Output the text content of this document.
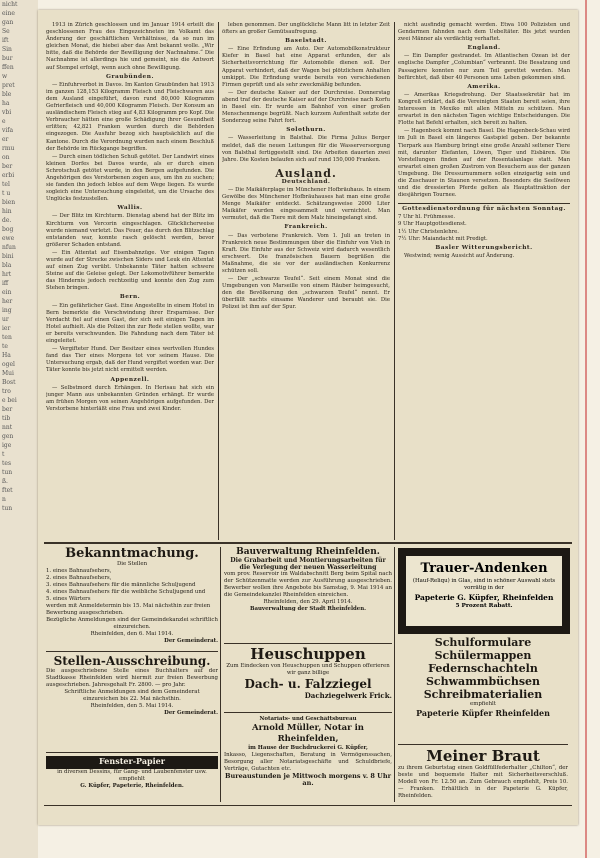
nicht
eine
gan
Se
ift
Sin
bur
ffen
w
pret
ble
ha
vbi
e
vifa
er
rmu
on
ber
erbi
tel
t u
bien
hin
de.
bog
ewe
nfun
bini
bla
hrt
iff
ein
her
ing
ur
ier
ten
te
Ha
ogel
Mui
Bost
tro
e bei
ber
tib
nnt
gen
ige
t
tes
tun
ß.
ftet
n
tun

1913 in Zürich geschlossen und im Januar 1914 erteilt die geschlossenen Frau des Eingezeichneten im Volkamt das Änderung der geschäftlichen Verhältnisse, da so nun im gleichen Monat, die hiebei aber das Amt bekannt wolle. „Wir bitte, daß die Behörde der Bewilligung der Nachnahme.“ Die Nachnahme ist allerdings hie und gemeint, nie die Antwort auf Stempel erfolgt, wenn auch ohne Bewilligung.

Graubünden.

— Einfuhrverbot in Davos. Im Kanton Graubünden hat 1913 im ganzen 128,153 Kilogramm Fleisch und Fleischwaren aus dem Ausland eingeführt, davon rund 80,000 Kilogramm Gefrierfleisch und 40,000 Kilogramm Fleisch. Der Konsum an ausländischem Fleisch stieg auf 4,83 Kilogramm pro Kopf. Die Verbraucher hätten eine große Schädigung ihrer Gesundheit erlitten; 42,821 Franken wurden durch die Behörden eingezogen. Die Ausfuhr bezog sich hauptsächlich auf die Kantone. Durch die Verordnung wurden nach einem Beschluß der Behörde im Rückgange begriffen.

— Durch einen tödlichen Schuß getötet. Der Landwirt eines kleinen Dorfes bei Davos wurde, als er durch einen Schrotschuß getötet wurde, in den Bergen aufgefunden. Die Angehörigen des Verstorbenen zogen aus, um ihn zu suchen; sie fanden ihn jedoch leblos auf dem Wege liegen. Es wurde sogleich eine Untersuchung eingeleitet, um die Ursache des Unglücks festzustellen.

Wallis.

— Der Blitz im Kirchturm. Dienstag abend hat der Blitz im Kirchturm von Vercorin eingeschlagen. Glücklicherweise wurde niemand verletzt. Das Feuer, das durch den Blitzschlag entstanden war, konnte rasch gelöscht werden, bevor größerer Schaden entstand.

— Ein Attentat auf Eisenbahnzüge. Vor einigen Tagen wurde auf der Strecke zwischen Siders und Leuk ein Attentat auf einen Zug verübt. Unbekannte Täter hatten schwere Steine auf die Geleise gelegt. Der Lokomotivführer bemerkte das Hindernis jedoch rechtzeitig und konnte den Zug zum Stehen bringen.

Bern.

— Ein gefährlicher Gast. Eine Angestellte in einem Hotel in Bern bemerkte die Verschwindung ihrer Ersparnisse. Der Verdacht fiel auf einen Gast, der sich seit einigen Tagen im Hotel aufhielt. Als die Polizei ihn zur Rede stellen wollte, war er bereits verschwunden. Die Fahndung nach dem Täter ist eingeleitet.

— Vergifteter Hund. Der Besitzer eines wertvollen Hundes fand das Tier eines Morgens tot vor seinem Hause. Die Untersuchung ergab, daß der Hund vergiftet worden war. Der Täter konnte bis jetzt nicht ermittelt werden.

Appenzell.

— Selbstmord durch Erhängen. In Herisau hat sich ein junger Mann aus unbekannten Gründen erhängt. Er wurde am frühen Morgen von seinen Angehörigen aufgefunden. Der Verstorbene hinterläßt eine Frau und zwei Kinder.

leben genommen. Der unglückliche Mann litt in letzter Zeit öfters an großer Gemütsaufregung.

Baselstadt.

— Eine Erfindung am Auto. Der Automobilkonstrukteur Kiefer in Basel hat eine Apparat erfunden, der als Sicherheitsvorrichtung für Automobile dienen soll. Der Apparat verhindert, daß der Wagen bei plötzlichem Anhalten umkippt. Die Erfindung wurde bereits von verschiedenen Firmen geprüft und als sehr zweckmäßig befunden.

— Der deutsche Kaiser auf der Durchreise. Donnerstag abend traf der deutsche Kaiser auf der Durchreise nach Korfu in Basel ein. Er wurde am Bahnhof von einer großen Menschenmenge begrüßt. Nach kurzem Aufenthalt setzte der Sonderzug seine Fahrt fort.

Solothurn.

— Wasserleitung in Balsthal. Die Firma Julius Berger meldet, daß die neuen Leitungen für die Wasserversorgung von Balsthal fertiggestellt sind. Die Arbeiten dauerten zwei Jahre. Die Kosten belaufen sich auf rund 150,000 Franken.

Ausland.
Deutschland.

— Die Maikäferplage im Münchener Hofbräuhaus. In einem Gewölbe des Münchener Hofbräuhauses hat man eine große Menge Maikäfer entdeckt. Schätzungsweise 2000 Liter Maikäfer wurden eingesammelt und vernichtet. Man vermutet, daß die Tiere mit dem Malz hineingelangt sind.

Frankreich.

— Das verbotene Frankreich. Vom 1. Juli an treten in Frankreich neue Bestimmungen über die Einfuhr von Vieh in Kraft. Die Einfuhr aus der Schweiz wird dadurch wesentlich erschwert. Die französischen Bauern begrüßen die Maßnahme, die sie vor der ausländischen Konkurrenz schützen soll.

— Der „schwarze Teufel“. Seit einem Monat sind die Umgebungen von Marseille von einem Räuber heimgesucht, den die Bevölkerung den „schwarzen Teufel“ nennt. Er überfällt nachts einsame Wanderer und beraubt sie. Die Polizei ist ihm auf der Spur.

nicht ausfindig gemacht werden. Etwa 100 Polizisten und Gendarmen fahnden nach dem Uebeltäter. Bis jetzt wurden zwei Männer als verdächtig verhaftet.

England.

— Ein Dampfer gestrandet. Im Atlantischen Ozean ist der englische Dampfer „Columbian“ verbrannt. Die Besatzung und Passagiere konnten nur zum Teil gerettet werden. Man befürchtet, daß über 40 Personen ums Leben gekommen sind.

Amerika.

— Amerikas Kriegsdrohung. Der Staatssekretär hat im Kongreß erklärt, daß die Vereinigten Staaten bereit seien, ihre Interessen in Mexiko mit allen Mitteln zu schützen. Man erwartet in den nächsten Tagen wichtige Entscheidungen. Die Flotte hat Befehl erhalten, sich bereit zu halten.

— Hagenbeck kommt nach Basel. Die Hagenbeck-Schau wird im Juli in Basel ein längeres Gastspiel geben. Der bekannte Tierpark aus Hamburg bringt eine große Anzahl seltener Tiere mit, darunter Elefanten, Löwen, Tiger und Eisbären. Die Vorstellungen finden auf der Rosentalanlage statt. Man erwartet einen großen Zustrom von Besuchern aus der ganzen Umgebung. Die Dressurnummern sollen einzigartig sein und die Zuschauer in Staunen versetzen. Besonders die Seelöwen und die dressierten Pferde gelten als Hauptattraktion der diesjährigen Tournee.

Gottesdienstordnung für nächsten Sonntag.
7 Uhr hl. Frühmesse.
9 Uhr Hauptgottesdienst.
1½ Uhr Christenlehre.
7½ Uhr: Maiandacht mit Predigt.
Basler Witterungsbericht.

Westwind; wenig Aussicht auf Änderung.

Bekanntmachung.
Die Stellen
1. eines Bahnaufsehers,
2. eines Bahnaufsehers,
3. eines Bahnaufsehers für die männliche Schuljugend
4. eines Bahnaufsehers für die weibliche Schuljugend und
5. eines Wärters
werden mit Anmeldetermin bis 15. Mai nächsthin zur freien Bewerbung ausgeschrieben.
Bezügliche Anmeldungen sind der Gemeindekanzlei schriftlich einzureichen.
Rheinfelden, den 6. Mai 1914.
Der Gemeinderat.
Stellen-Ausschreibung.
Die ausgeschriebene Stelle eines Buchhalters auf der Stadtkasse Rheinfelden wird hiermit zur freien Bewerbung ausgeschrieben. Jahresgehalt Fr. 2800. — pro Jahr.
Schriftliche Anmeldungen sind dem Gemeinderat einzureichen bis 22. Mai nächsthin.
Rheinfelden, den 5. Mai 1914.
Der Gemeinderat.
Fenster-Papier
in diversen Dessins, für Gang- und Laubenfenster usw. empfiehlt
G. Küpfer, Papeterie, Rheinfelden.
Bauverwaltung Rheinfelden.
Die Grabarbeit und Montierungsarbeiten für die Verlegung der neuen Wasserleitung
vom prov. Reservoir im Waldabschnitt Berg beim Spital nach der Schützenmatte werden zur Ausführung ausgeschrieben. Bewerber wollen ihre Angebote bis Samstag, 9. Mai 1914 an die Gemeindekanzlei Rheinfelden einreichen.
Rheinfelden, den 29. April 1914.
Bauverwaltung der Stadt Rheinfelden.
Heuschuppen
Zum Eindecken von Heuschuppen und Schuppen offerieren wir ganz billige
Dach- u. Falzziegel
Dachziegelwerk Frick.
Notariats- und Geschäftsbureau
Arnold Müller, Notar in Rheinfelden,
im Hause der Buchdruckerei G. Küpfer,
Inkasso, Liegenschaften, Beratung in Vermögenssachen, Besorgung aller Notariatsgeschäfte und Schuldbriefe, Verträge, Gutachten etc.
Bureaustunden je Mittwoch morgens v. 8 Uhr an.
Trauer-Andenken
(Hauf-Reliqu) in Glas, sind in schöner Auswahl stets vorrätig in der
Papeterie G. Küpfer, Rheinfelden
5 Prozent Rabatt.
Schulformulare
Schülermappen
Federnschachteln
Schwammbüchsen
Schreibmaterialien
empfiehlt
Papeterie Küpfer Rheinfelden
Meiner Braut
zu ihrem Geburtstag einen Goldfüllfederhalter „Chilton“, der beste und bequemste Halter mit Sicherheitsverschluß. Modell von Fr. 12.50 an. Zum Gebrauch empfiehlt, Preis 10. — Franken. Erhältlich in der Papeterie G. Küpfer, Rheinfelden.
